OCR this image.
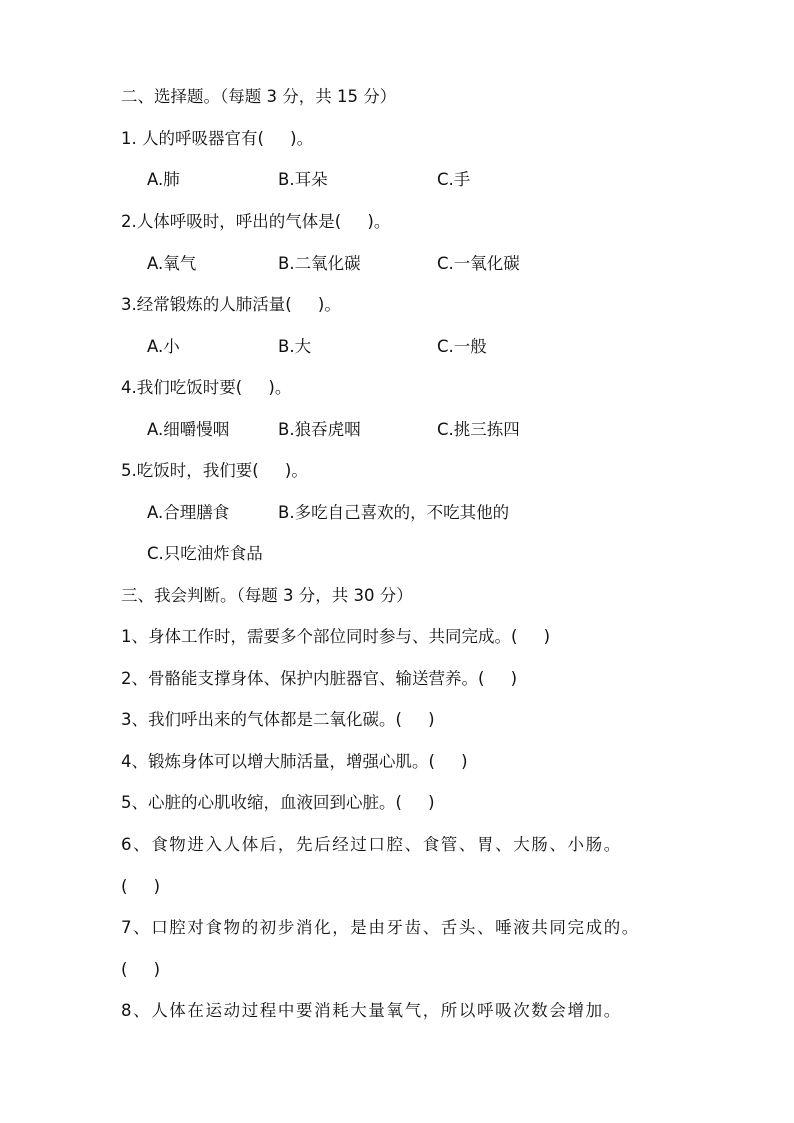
二、选择题。（每题 3 分，共 15 分）
1. 人的呼吸器官有(     )。
A.肺	B.耳朵	C.手
2.人体呼吸时，呼出的气体是(     )。
A.氧气	B.二氧化碳	C.一氧化碳
3.经常锻炼的人肺活量(     )。
A.小	B.大	C.一般
4.我们吃饭时要(     )。
A.细嚼慢咽	B.狼吞虎咽	C.挑三拣四
5.吃饭时，我们要(     )。
A.合理膳食	B.多吃自己喜欢的，不吃其他的
C.只吃油炸食品
三、我会判断。（每题 3 分，共 30 分）
1、身体工作时，需要多个部位同时参与、共同完成。(     )
2、骨骼能支撑身体、保护内脏器官、输送营养。(     )
3、我们呼出来的气体都是二氧化碳。(     )
4、锻炼身体可以增大肺活量，增强心肌。(     )
5、心脏的心肌收缩，血液回到心脏。(     )
6、食物进入人体后，先后经过口腔、食管、胃、大肠、小肠。
(     )
7、口腔对食物的初步消化，是由牙齿、舌头、唾液共同完成的。
(     )
8、人体在运动过程中要消耗大量氧气，所以呼吸次数会增加。
